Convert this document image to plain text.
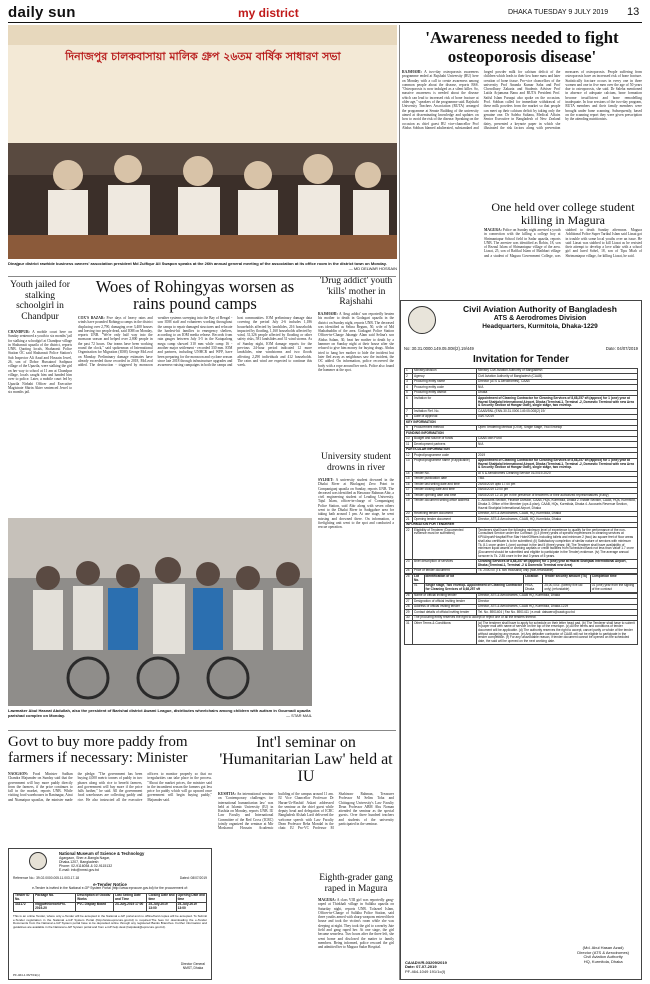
daily sun	my district	DHAKA TUESDAY 9 JULY 2019 13
দিনাজপুর চালকবাসায়া মালিক গ্রুপ ২৬তম বার্ষিক সাধারণ সভা
Dinajpur district rawhide business owners' association president Md Zulfiqur Ali Swapon speaks at the 26th annual general meeting of the association at its office room in the district town on Monday.
— MD DELWAR HOSSAIN
'Awareness needed to fight osteoporosis disease'
RAJSHAHI: A two-day osteoporosis awareness programme ended at Rajshahi University (RU) here on Monday with a call to create awareness among common people about the disease, reports BSS. "Osteoporosis is now indulged as a silent killer. So, massive awareness is needed about the disease which can lead to increased risk of bone fracture at older age," speakers of the programme said. Rajshahi University Teachers Association (RUTA) arranged the programme at Senate Building of the university aimed at disseminating knowledge and updates on how to avoid the risk of the disease. Speaking on the occasion as chief guest RU vice-chancellor Prof Abdus Sobhan blamed adulterated, substandard and forged powder milk for calcium deficit of the children which leads to their low bone mass and later creation of bone tissue. Pro-vice chancellors of the university Prof Ananda Kumar Saha and Prof Chowdhury Zakaria and Students Adviser Prof Latifa Arjumana Banu and RUTA President Prof. Saiful Islam Faruqui also spoke on the occasion. Prof. Sobhan called for immediate withdrawal of these milk powders from the market so that people can meet up their calcium deficit by taking only the genuine one. Dr Saleha Sultana, Medical Affairs Senior Executive in Bangladesh of New Zealand dairy, presented a keynote paper in which she illustrated the risk factors along with prevention measures of osteoporosis. People suffering from osteoporosis have an increased risk of bone fracture. Statistically fracture occurs in every one in three women and one in five men over the age of 50 years due to osteoporosis, she said. Dr Saleha mentioned in absence of adequate calcium, bone formation become insufficient and bone remodelling inadequate. In four sessions of the two-day program, RUTA members and their family members were brought under bone scanning. Subsequently, based on the scanning report they were given prescription by the attending nutritionists.
One held over college student killing in Magura
MAGURA: Police on Sunday night arrested a youth in connection with the killing a college boy at Shrimantapur School field in Sadar upazila, reports UNB. The arrestee was identified as Robin, 18, son of Rezaul Islam of Shimantapur village of the area. Liasat, 25, son of Rafikul Islam of Mathbari village and a student of Magura Government College, was stabbed to death Sunday afternoon. Magura Additional Police Super Tarikul Islam said Liasat got in trouble with some local youths over an issue. He said Liasat was stabbed to kill Liasat as he resisted their attempt to develop a love affair with a school girl and lured Sohel, 18, son of Tipu Miah of Shrimantapur village, for killing Liasat, he said.
Youth jailed for stalking schoolgirl in Chandpur
CHANDPUR: A mobile court here on Sunday sentenced a youth to six months' jail for stalking a schoolgirl at Chandpur village in Shaharasti upazila of the district, reports UNB. Quoting locals, Shaharasti Police Station OC said Shaharasti Police Station's Sub Inspector Ali Azad and Hossain Jewel, 26, son of Dobor Hussainof Sadipura village of the Upazila, were stalking the girl on her way to school at 11 am at Chandpur village, locals caught him and handed him over to police. Later, a mobile court led by Upazila Nirbahi Officer and Executive Magistrate Shirin Akter sentenced Jewel to six months jail.
Woes of Rohingyas worsen as rains pound camps
COX'S BAZAR: Five days of heavy rains and winds have pounded Rohingya camps in the district displacing over 2,790, damaging over 3,400 houses and leaving two people dead, said IOM on Monday, reports UNB. "We're only half way into the monsoon season and helped over 2,800 people in the past 72 hours. Our teams have been working round the clock," said spokesman of International Organisation for Migration (IOM) George McLeod on Monday. Preliminary damage estimates have already exceeded those recorded in 2018, McLeod added. The destruction - triggered by monsoon weather systems sweeping into the Bay of Bengal - saw IOM staff and volunteers working throughout the camps to repair damaged structures and relocate the hardest-hit families to emergency shelters, according to an IOM media release. Records from rain gauges between July 3-5 in the Kutupalong mega camp showed 310 mm while camp 16 - another major settlement - recorded 330 mm. IOM and partners, including UNHCR and WFP, have been preparing for the monsoon and cyclone season since late 2018 through infrastructure upgrades and awareness-raising campaigns in both the camps and host communities. IOM preliminary damage data covering the period July 2-6 includes 1,186 households affected by landslides, 216 households impacted by flooding, 1,160 households affected by wind, 31,326 people affected by flooding or other safety risks, 581 landslides and 31 wind storms. As of Sunday night, IOM damage reports for the previous 24-hour period indicated 12 more landslides, nine windstorms and two floods affecting 2,290 individuals and 412 households. The rains and wind are expected to continue this week.
'Drug addict' youth 'kills' mother in Rajshahi
RAJSHAHI: A 'drug addict' son reportedly beaten his mother to death in Godagari upazila in the district on Sunday night, reports UNB. The deceased was identified as Selina Begum, 50, wife of Md Shahabuddin of the area. Godagari Police Station Officer-in-Charge Jahangir Alam said Selina's son Abdus Salam, 30, beat her mother to death by a hammer on Sunday night at their house after she refused to give him money for buying drugs. Abdus tried to hang her mother to hide the incident but later fled away as neighbours saw the incident, the OC added. On information, police recovered the body with a rope around her neck. Police also found the hammer at the spot.
University student drowns in river
SYLHET: A university student drowned in the Dhalai River at Bholaganj Zero Point in Companiganj upazila on Sunday, reports UNB. The deceased was identified as Hassnoor Rahman Abir, a civil engineering student of Leading University. Tajul Islam, officer-in-charge of Companiganj Police Station, said Abir along with seven others went to the Dhalai River in Sadqgahoe area for taking bath around 1 pm. At one stage, he went missing and drowned there. On information, a firefighting unit went to the spot and conducted a rescue operation.
Lawmaker Abul Hasnat Abdullah, also the president of Barishal district Awami League, distributes wheelchairs among children with autism in Gournadi upazila parishad complex on Monday.	— STAR MAIL
Govt to buy more paddy from farmers if necessary: Minister
NAOGAON: Food Minister Sadhan Chandra Majumder on Sunday said that the government will buy more paddy directly from the farmers, if the price continues to fall in the market, reports UNB. While visiting food warehouses in Raninagar, Atrai and Niamatpur upazilas, the minister made the pledge. "The government has been buying 4,000 metric tonnes of paddy in two phases along with rice to benefit farmers, and government will buy more if the price falls further," he said. All the government food warehouses are collecting paddy and rice. He also instructed all the executive officers to monitor properly so that no irregularities can take place in the process. "About the market prices, the minister said in the incumbent season the farmers got less price for paddy which will go upward once government will begin buying paddy," Majumder said.
National Museum of Science & Technology
Agargaon, Sher-e-Bangla Nagar,
Dhaka-1207, Bangladesh
Phone: 02-9116054 & 02-9115132
E-mail: info@nmst.gov.bd
Reference No.: 39.02.0000.005.11.003.17-18	Dated: 08/07/2019
e-Tender Notice
e-Tender is invited in the National e-GP System Portal (http://www.eprocure.gov.bd) for the procurement of:
Tender ID No.	Package No.	Description of Goods/ Works	Last Selling Date and Time	Closing Date and time	Opening Date and time
343172	nbgpwhhkexcekFhi- 2019-20	PVC Display Board	24-July-2019 17:00	25-July-2019 13:00	25-July-2019 13:00
This is an online Tender, where only e-Tender will be accepted in the National e-GP portal and no offline/hard copies will be accepted. To Submit e-Tender registration in the National e-GP System Portal (http://www.eprocure.gov.bd) is required.The fees for downloading the e-Tender Documents from the National e-GP System portal have to be deposited online through any registered Banks Branches. Further information and guidelines are available in the National e-GP System portal and from e-GP help desk (helpdesk@eprocure.gov.bd).
Director General
NMST, Dhaka
PF-464-1 06/7/19(v)
Int'l seminar on 'Humanitarian Law' held at IU
KUSHTIA: An international seminar on 'Contemporary challenges for international humanitarian law' was held at Islamic University (IU) in Kushtia on Monday, reports UNB. IU Law Faculty and International Committee of the Red Cross (ICRC) jointly organized the seminar at Mir Mosharraf Hossain Academic building of the campus around 11 am. IU Vice Chancellor Professor Dr Harun-Ur-Rashid Askari addressed the seminar as the chief guest while deputy head and delegation of ICRC Bangladesh Alshah Larif delivered the welcome speech with Law Faculty Dean Professor Reba Mondal in the chair. IU Pro-VC Professor M Shahinoor Rahman, Treasurer Professor M Selim Toha and Chittagong University's Law Faculty Dean Professor ABM Abu Noman attended the seminar as the special guests. Over three hundred teachers and students of the university participated in the seminar.
Eighth-grader gang raped in Magura
MAGURA: A class VIII girl was reportedly gang-raped at Thirkhali village in Salikha upazila on Saturday night, reports UNB. Tofazzel Islam, Officer-in-Charge of Salikha Police Station, said three youths armed with sharp weapons entered their house and took the victim's room while she was sleeping at night. They took the girl to a nearby Jute field and gang raped her. At one stage, the girl became senseless. Two hours after the three left, she went home and disclosed the matter to family members. Being informed, police rescued the girl and admitted her to Magura Sadar Hospital.
Civil Aviation Authority of Bangladesh
ATS & Aerodromes Division
Headquarters, Kurmitola, Dhaka-1229
No: 30.31.0000.149.05.008(2).19/449	Date: 04/07/2019
Invitation for Tender
1	Ministry/division	Ministry Civil Aviation Authority of Bangladesh
2	Agency	Civil Aviation Authority of Bangladesh (CAAB)
3	Procuring entity name	Director (ATS & Aerodromes), CAAB
4	Procuring entity code	N/A
5	Procuring entity district	Dhaka
6	Invitation for	Appointment of Cleaning Contractor for Cleaning Services of 8,68,257 sft (approx) for 1 (one) year at Hazrat Shahjalal International Airport, Dhaka (Terminal-1, Terminal -2, Domestic Terminal with new Area & Security Section at Hangar Gate), single stage, two envelop.
7	Invitation Ref. No.	CAAB/BNL (ENN.30.31.0000.149.05.008(2) 19/
8	Date of approval	03/07/2019
KEY INFORMATION		
9	Procurement method	Open Tendering Method (OTM), Single Stage, Two Envelop
FUNDING INFORMATION		
10	Budget and source of funds	CAAB own Fund
11	Development partners	N/A
PARTICULAR INFORMATION		
12	Project/programme code	2019
13	Project/programme name (if applicable)	Appointment of Cleaning Contractor for Cleaning Services of 8,68,257 sft (approx) for 1 (one) year at Hazrat Shahjalal International Airport, Dhaka (Terminal-1, Terminal -2, Domestic Terminal with new Area & Security Section at Hangar Gate), single stage, two envelop.
14	Tender No.	ATS & Aerodromes Cleaning Service 01/2019-2020
15	Tender publication date	TBA
16	Tender last selling date and time	24/08/2019 upto 17.00 pm
17	Tender closing date and time	05/08/2019 12:00 pm
18	Tender opening date and time	05/08/2019 12:15 pm in the presence of tenderers or their authorized representatives (if any)
19	Tender document selling office address	1. Accounts Section, Finance Division, CAAB, HQs, Kurmitola, Dhaka 2. Estate Section, CAAB, HQs, Kurmitola, Dhaka 3. Office of the Member (ops & plan), CAAB, HQs, Kurmitola, Dhaka 4. Accounts Revenue Section, Hazrat Shahjalal International Airport, Dhaka
20	Receiving tender document	Director, ATS & Aerodromes, CAAB, HQ, Kurmitola, Dhaka
21	Opening tender document	Director, ATS & Aerodromes, CAAB, HQ, Kurmitola, Dhaka
INFORMATION FOR TENDERER		
22	Eligibility of Tenderer (Documented evidence must be submitted)	Tenderers shall have the following minimum level of experience to qualify for the performance of the non- Consultant Service under the Contract: (i) 3 (three) years of specific experiences in cleaning services at KPI/Airport/Hospital/Five Star Hotel/Offices including toilets and minimum 2 (two) lac square feet of floor areas shall also certificate is to be submitted; (ii) Satisfactory completion of similar nature of services with minimum Tk. 8.1 crore under 1 (one) contract in the last 5 (three) years; (iii) The Tenderer shall have availability of minimum liquid assets or working capitals or credit facilities from Scheduled Bank not less than Value 1.7 crore (Document should be submitted and eligible to participate in the Tender) evidence. (iv) The average annual turnover is Tk. 2.85 crore in the last 3 years of 5 years.
23	Brief description of services	Cleaning Services of 8,68,257 sft (approx) for 1 (one) year at Hazrat Shahjalal International Airport, Dhaka (Terminal-1, Terminal -2 & Domestic Terminal new Area)
24	Price of tender document	Tk. 2000.00 (Tk. two thousand) only (non-refundable)
25	Lot No.	Identification of lot	Location	Tender security amount (Tk)	Completion time
	01	Single stage, Two envelop- Appointment of Cleaning Contractor for Cleaning Services of 8,68,257 sft	HSIA, Dhaka	25,00,000/- (twenty five lac only) (refundable)	01 (one) year from the signing of the contract
26	Name of official inviting tender	Director, ATS & Aerodromes, CAAB HQ, Kurmitola, Dhaka
27	Designation of official inviting tender	Director
28	Address of official inviting tender	Director, ATS & Aerodromes, CAAB HQ, Kurmitola, Dhaka-1229
29	Contact details of official inviting tender	Tel. No. 8901404 | Fax No. 8901411 | e-mail: datsaero@caab.gov.bd
30	The procuring entity reserves the right to accept or reject one or all the tenders thereof.	
31	Other Terms & Conditions:	(a) The tenderer shall have to apply for schedule on their letter head pad. (b) The Tenderer shall have to submit in paper mail with name of service on the top of the envelope. (c) All the terms and conditions of tender document will be applicable. (d) The authority reserves the right to accept, cancel partly or whole of the tender without assigning any reason. (e) Any defaulter contractor of CAAB will not be eligible to participate in the tender competition. (f) For any unavoidable reason, if tender document cannot be opened on the scheduled date, the said will be opened on the next working date.
(Md. Abul Hasan Azad)
Director (ATS & Aerodromes)
Civil Aviation Authority
HQ, Kurmitola, Dhaka
CA/ADV/R-03209/2019
Date: 07-07-2019
PF-464-1049 191/1c(I)
